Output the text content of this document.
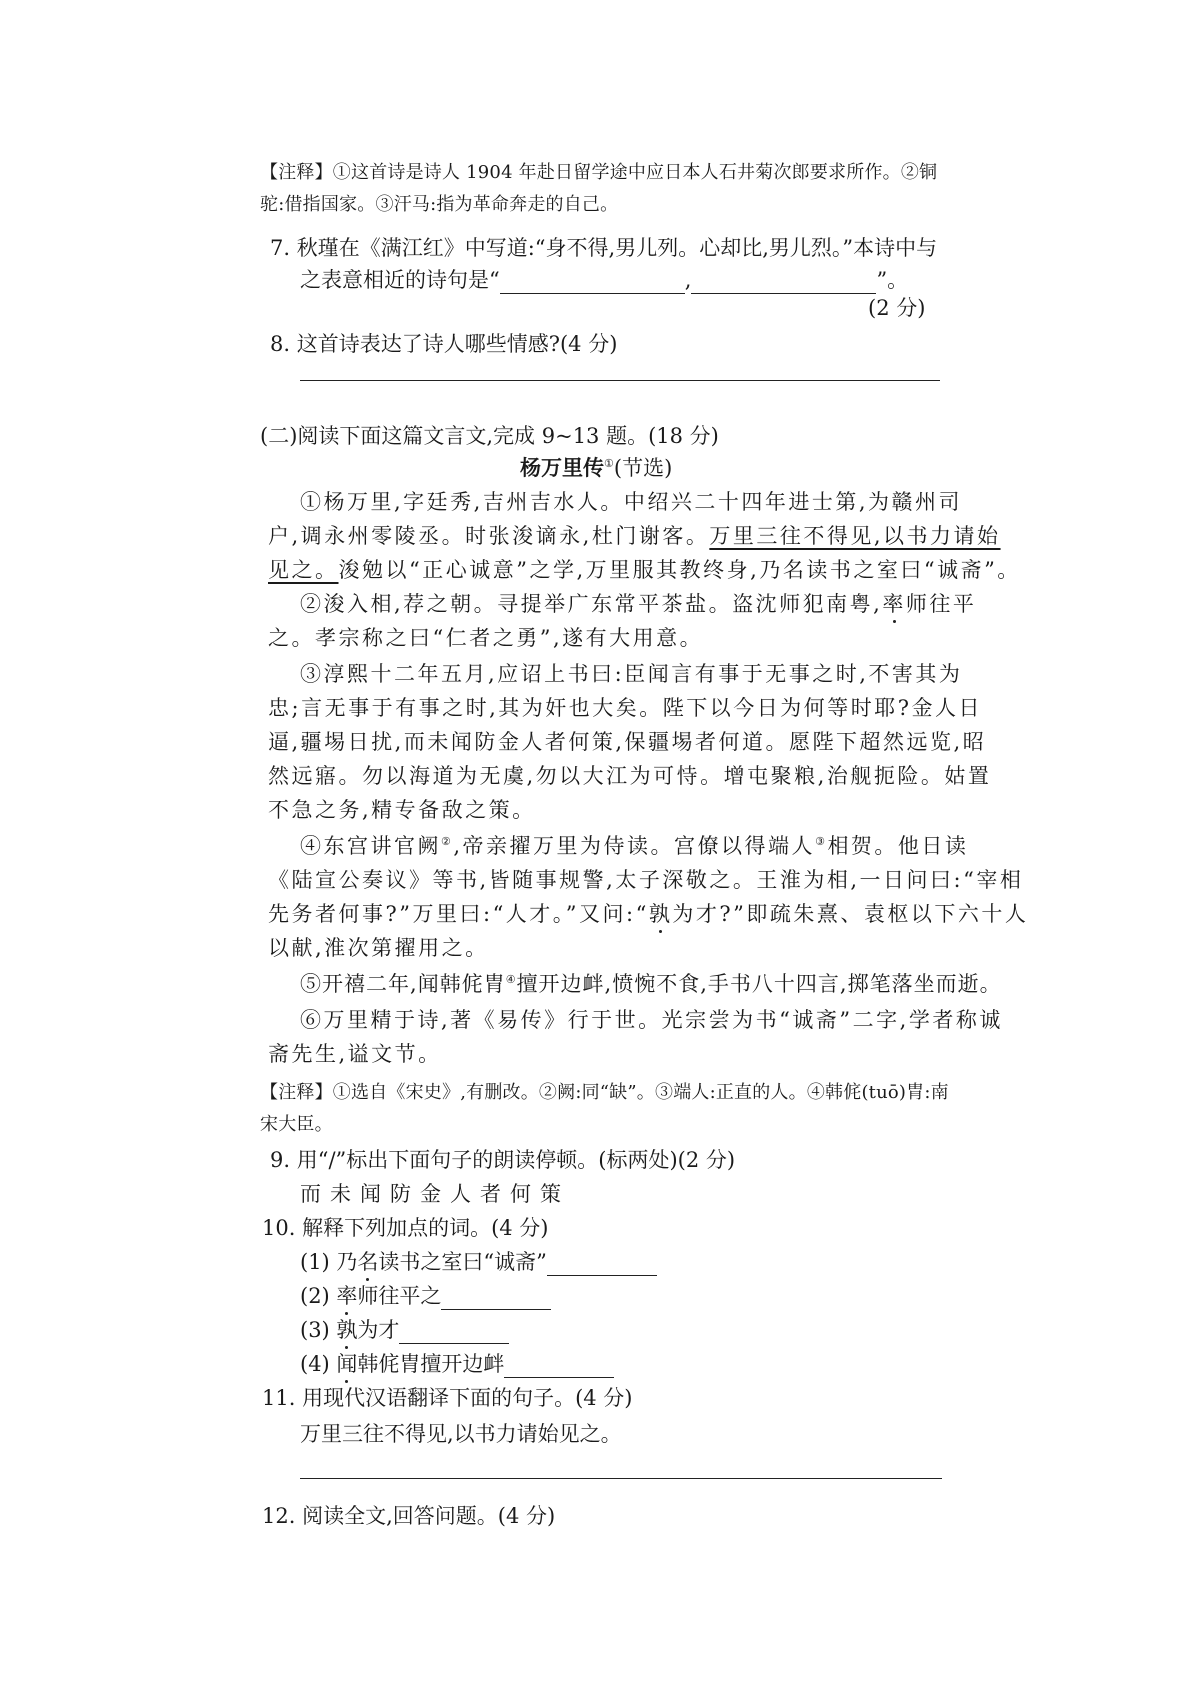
【注释】①这首诗是诗人 1904 年赴日留学途中应日本人石井菊次郎要求所作。②铜
驼:借指国家。③汗马:指为革命奔走的自己。
7. 秋瑾在《满江红》中写道:“身不得,男儿列。心却比,男儿烈。”本诗中与
之表意相近的诗句是“	,	”。
(2 分)
8. 这首诗表达了诗人哪些情感?(4 分)
(二)阅读下面这篇文言文,完成 9~13 题。(18 分)
杨万里传①(节选)
①杨万里,字廷秀,吉州吉水人。中绍兴二十四年进士第,为赣州司
户,调永州零陵丞。时张浚谪永,杜门谢客。万里三往不得见,以书力请始
见之。浚勉以“正心诚意”之学,万里服其教终身,乃名读书之室曰“诚斋”。
②浚入相,荐之朝。寻提举广东常平茶盐。盗沈师犯南粤,率师往平
之。孝宗称之曰“仁者之勇”,遂有大用意。
③淳熙十二年五月,应诏上书曰:臣闻言有事于无事之时,不害其为
忠;言无事于有事之时,其为奸也大矣。陛下以今日为何等时耶?金人日
逼,疆埸日扰,而未闻防金人者何策,保疆埸者何道。愿陛下超然远览,昭
然远寤。勿以海道为无虞,勿以大江为可恃。增屯聚粮,治舰扼险。姑置
不急之务,精专备敌之策。
④东宫讲官阙②,帝亲擢万里为侍读。宫僚以得端人③相贺。他日读
《陆宣公奏议》等书,皆随事规警,太子深敬之。王淮为相,一日问曰:“宰相
先务者何事?”万里曰:“人才。”又问:“孰为才?”即疏朱熹、袁枢以下六十人
以献,淮次第擢用之。
⑤开禧二年,闻韩侂胄④擅开边衅,愤惋不食,手书八十四言,掷笔落坐而逝。
⑥万里精于诗,著《易传》行于世。光宗尝为书“诚斋”二字,学者称诚
斋先生,谥文节。
【注释】①选自《宋史》,有删改。②阙:同“缺”。③端人:正直的人。④韩侂(tuō)胄:南
宋大臣。
9. 用“/”标出下面句子的朗读停顿。(标两处)(2 分)
而未闻防金人者何策
10. 解释下列加点的词。(4 分)
(1) 乃名读书之室曰“诚斋”
(2) 率师往平之
(3) 孰为才
(4) 闻韩侂胄擅开边衅
11. 用现代汉语翻译下面的句子。(4 分)
万里三往不得见,以书力请始见之。
12. 阅读全文,回答问题。(4 分)
